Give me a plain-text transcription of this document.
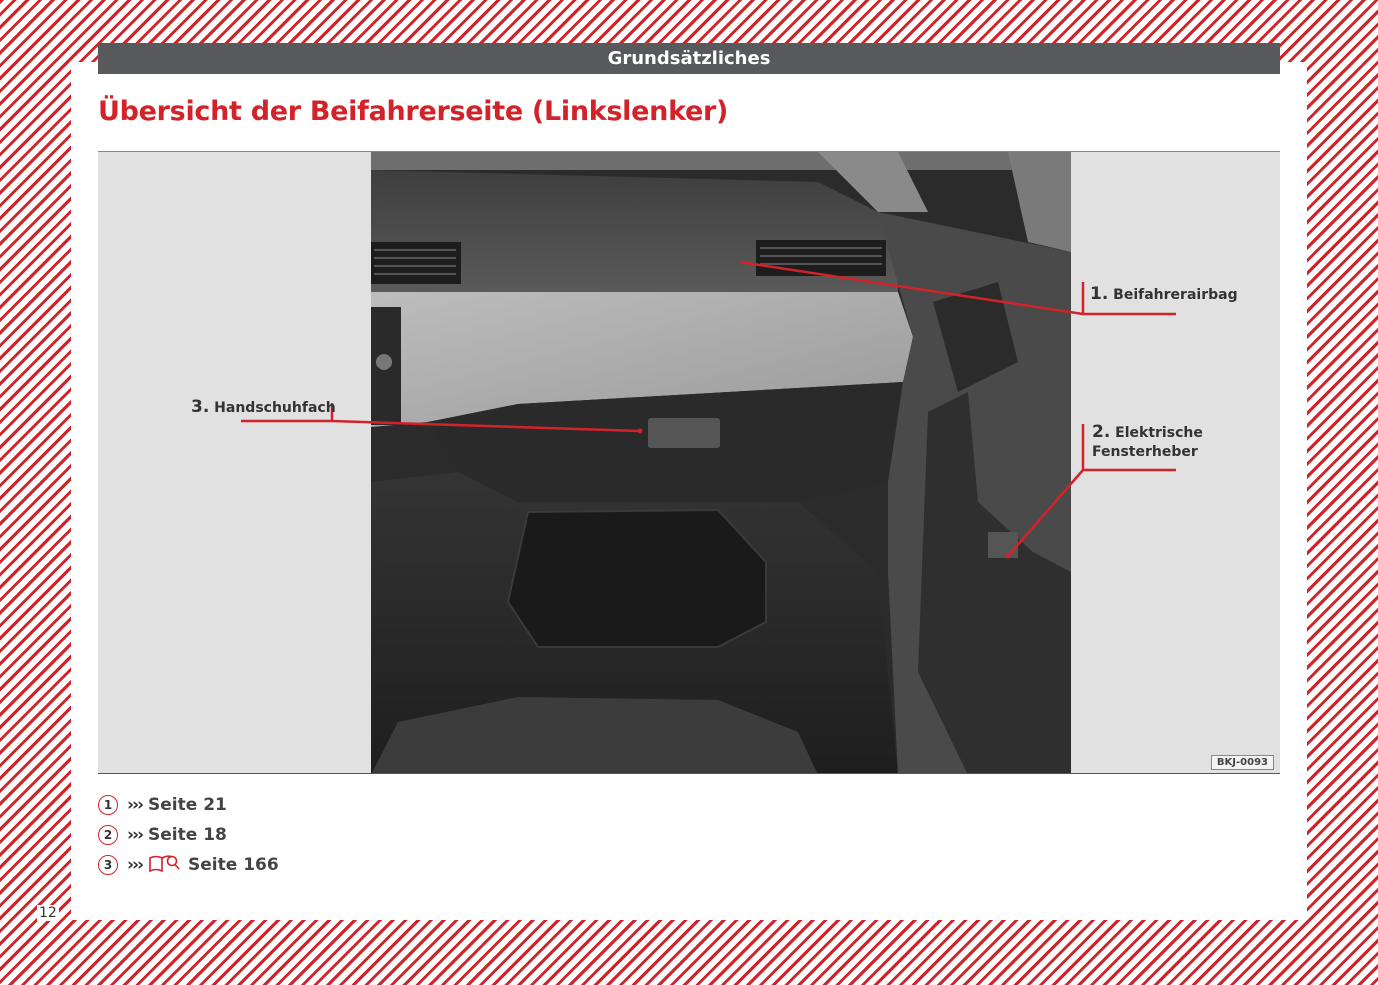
Grundsätzliches
Übersicht der Beifahrerseite (Linkslenker)
1. Beifahrerairbag
2. Elektrische
Fensterheber
3. Handschuhfach
BKJ-0093
1 ››› Seite 21
2 ››› Seite 18
3 ›››	Seite 166
12
